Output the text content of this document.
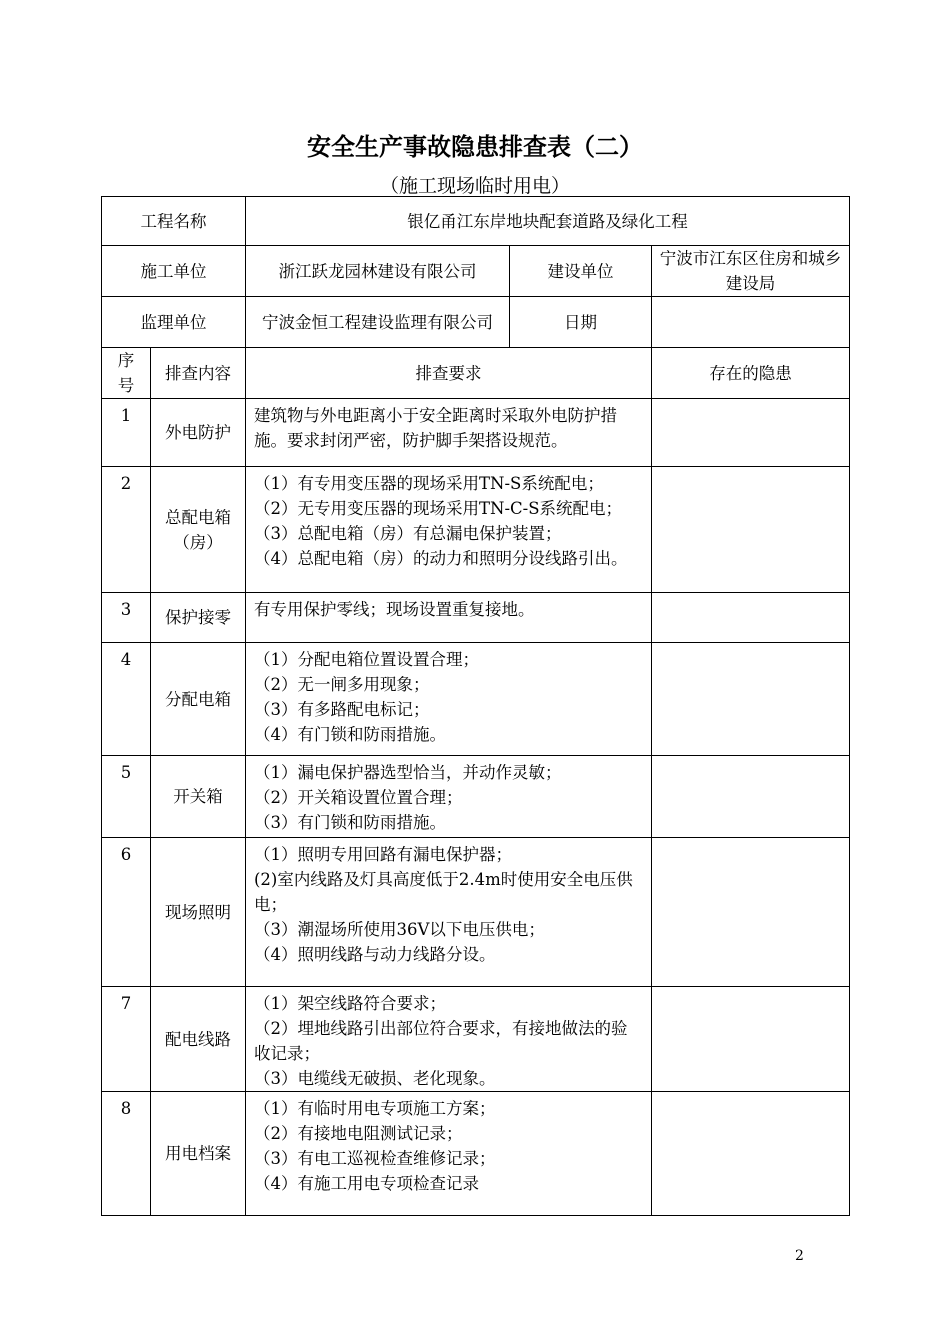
安全生产事故隐患排查表（二）
（施工现场临时用电）
工程名称		银亿甬江东岸地块配套道路及绿化工程		
施工单位		浙江跃龙园林建设有限公司	建设单位	宁波市江东区住房和城乡建设局
监理单位		宁波金恒工程建设监理有限公司	日期	
序号	排查内容	排查要求		存在的隐患
1	外电防护	建筑物与外电距离小于安全距离时采取外电防护措施。要求封闭严密，防护脚手架搭设规范。		

2	总配电箱（房）	（1）有专用变压器的现场采用TN-S系统配电；
（2）无专用变压器的现场采用TN-C-S系统配电；
（3）总配电箱（房）有总漏电保护装置；
（4）总配电箱（房）的动力和照明分设线路引出。		

3	保护接零	有专用保护零线；现场设置重复接地。		

4	分配电箱	（1）分配电箱位置设置合理；
（2）无一闸多用现象；
（3）有多路配电标记；
（4）有门锁和防雨措施。		

5	开关箱	（1）漏电保护器选型恰当，并动作灵敏；
（2）开关箱设置位置合理；
（3）有门锁和防雨措施。		

6	现场照明	（1）照明专用回路有漏电保护器；
(2)室内线路及灯具高度低于2.4m时使用安全电压供电；
（3）潮湿场所使用36V以下电压供电；
（4）照明线路与动力线路分设。		

7	配电线路	（1）架空线路符合要求；
（2）埋地线路引出部位符合要求，有接地做法的验收记录；
（3）电缆线无破损、老化现象。		

8	用电档案	（1）有临时用电专项施工方案；
（2）有接地电阻测试记录；
（3）有电工巡视检查维修记录；
（4）有施工用电专项检查记录		

2
